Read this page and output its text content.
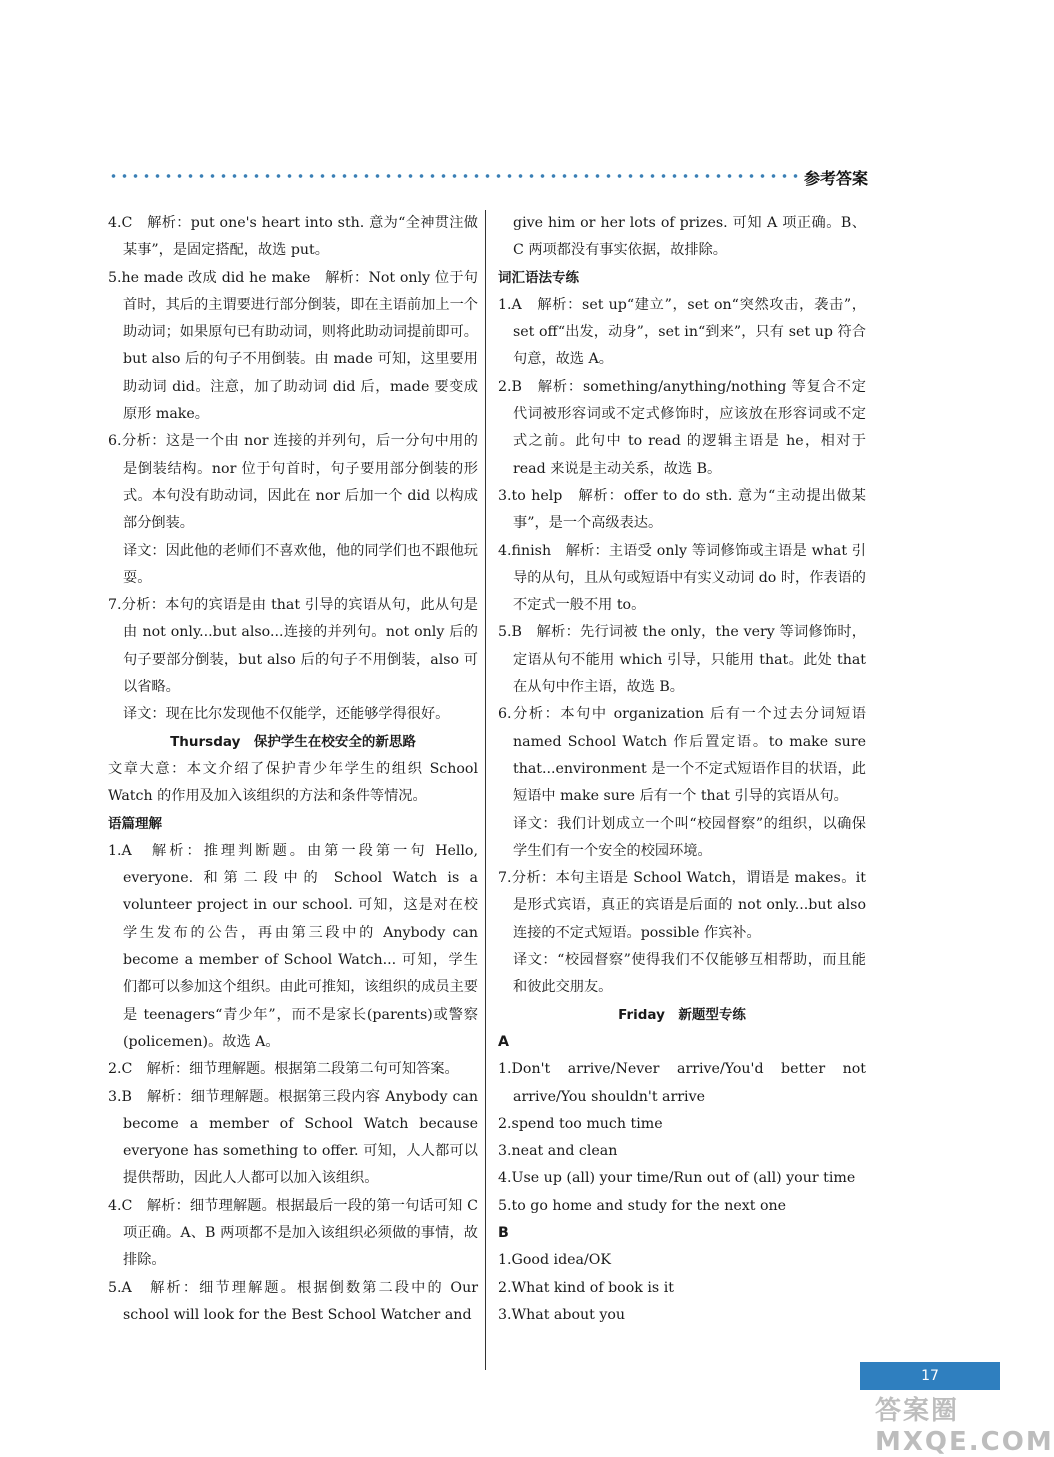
参考答案

4.C　解析：put one's heart into sth. 意为“全神贯注做某事”，是固定搭配，故选 put。

5.he made 改成 did he make　解析：Not only 位于句首时，其后的主谓要进行部分倒装，即在主语前加上一个助动词；如果原句已有助动词，则将此助动词提前即可。but also 后的句子不用倒装。由 made 可知，这里要用助动词 did。注意，加了助动词 did 后，made 要变成原形 make。

6.分析：这是一个由 nor 连接的并列句，后一分句中用的是倒装结构。nor 位于句首时，句子要用部分倒装的形式。本句没有助动词，因此在 nor 后加一个 did 以构成部分倒装。

译文：因此他的老师们不喜欢他，他的同学们也不跟他玩耍。

7.分析：本句的宾语是由 that 引导的宾语从句，此从句是由 not only...but also...连接的并列句。not only 后的句子要部分倒装，but also 后的句子不用倒装，also 可以省略。

译文：现在比尔发现他不仅能学，还能够学得很好。

Thursday　保护学生在校安全的新思路

文章大意：本文介绍了保护青少年学生的组织 School Watch 的作用及加入该组织的方法和条件等情况。

语篇理解

1.A　解析：推理判断题。由第一段第一句 Hello, everyone. 和第二段中的 School Watch is a volunteer project in our school. 可知，这是对在校学生发布的公告，再由第三段中的 Anybody can become a member of School Watch... 可知，学生们都可以参加这个组织。由此可推知，该组织的成员主要是 teenagers“青少年”，而不是家长(parents)或警察(policemen)。故选 A。

2.C　解析：细节理解题。根据第二段第二句可知答案。

3.B　解析：细节理解题。根据第三段内容 Anybody can become a member of School Watch because everyone has something to offer. 可知，人人都可以提供帮助，因此人人都可以加入该组织。

4.C　解析：细节理解题。根据最后一段的第一句话可知 C 项正确。A、B 两项都不是加入该组织必须做的事情，故排除。

5.A　解析：细节理解题。根据倒数第二段中的 Our school will look for the Best School Watcher and

give him or her lots of prizes. 可知 A 项正确。B、C 两项都没有事实依据，故排除。

词汇语法专练

1.A　解析：set up“建立”，set on“突然攻击，袭击”，set off“出发，动身”，set in“到来”，只有 set up 符合句意，故选 A。

2.B　解析：something/anything/nothing 等复合不定代词被形容词或不定式修饰时，应该放在形容词或不定式之前。此句中 to read 的逻辑主语是 he，相对于 read 来说是主动关系，故选 B。

3.to help　解析：offer to do sth. 意为“主动提出做某事”，是一个高级表达。

4.finish　解析：主语受 only 等词修饰或主语是 what 引导的从句，且从句或短语中有实义动词 do 时，作表语的不定式一般不用 to。

5.B　解析：先行词被 the only，the very 等词修饰时，定语从句不能用 which 引导，只能用 that。此处 that 在从句中作主语，故选 B。

6.分析：本句中 organization 后有一个过去分词短语 named School Watch 作后置定语。to make sure that...environment 是一个不定式短语作目的状语，此短语中 make sure 后有一个 that 引导的宾语从句。

译文：我们计划成立一个叫“校园督察”的组织，以确保学生们有一个安全的校园环境。

7.分析：本句主语是 School Watch，谓语是 makes。it 是形式宾语，真正的宾语是后面的 not only...but also 连接的不定式短语。possible 作宾补。

译文：“校园督察”使得我们不仅能够互相帮助，而且能和彼此交朋友。

Friday　新题型专练

A

1.Don't arrive/Never arrive/You'd better not arrive/You shouldn't arrive

2.spend too much time

3.neat and clean

4.Use up (all) your time/Run out of (all) your time

5.to go home and study for the next one

B

1.Good idea/OK

2.What kind of book is it

3.What about you

17
答案圈 MXQE.COM
